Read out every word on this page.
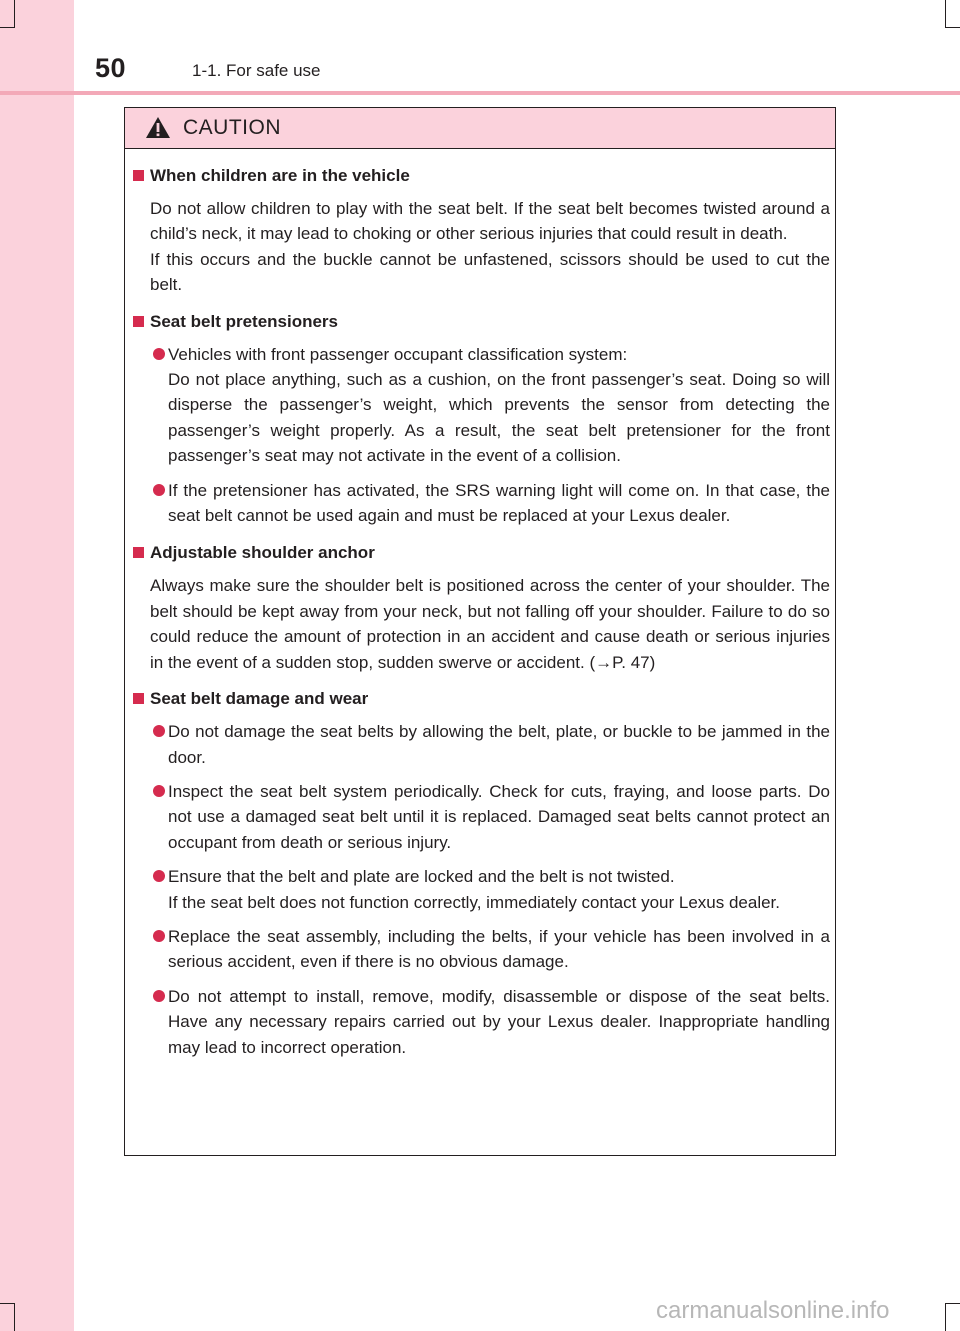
50	1-1. For safe use
CAUTION
When children are in the vehicle

Do not allow children to play with the seat belt. If the seat belt becomes twisted around a child’s neck, it may lead to choking or other serious injuries that could result in death.

If this occurs and the buckle cannot be unfastened, scissors should be used to cut the belt.

Seat belt pretensioners
Vehicles with front passenger occupant classification system:
Do not place anything, such as a cushion, on the front passenger’s seat. Doing so will disperse the passenger’s weight, which prevents the sensor from detecting the passenger’s weight properly. As a result, the seat belt pretensioner for the front passenger’s seat may not activate in the event of a collision.
If the pretensioner has activated, the SRS warning light will come on. In that case, the seat belt cannot be used again and must be replaced at your Lexus dealer.
Adjustable shoulder anchor

Always make sure the shoulder belt is positioned across the center of your shoulder. The belt should be kept away from your neck, but not falling off your shoulder. Failure to do so could reduce the amount of protection in an accident and cause death or serious injuries in the event of a sudden stop, sudden swerve or accident. (→P. 47)

Seat belt damage and wear
Do not damage the seat belts by allowing the belt, plate, or buckle to be jammed in the door.
Inspect the seat belt system periodically. Check for cuts, fraying, and loose parts. Do not use a damaged seat belt until it is replaced. Damaged seat belts cannot protect an occupant from death or serious injury.
Ensure that the belt and plate are locked and the belt is not twisted.
If the seat belt does not function correctly, immediately contact your Lexus dealer.
Replace the seat assembly, including the belts, if your vehicle has been involved in a serious accident, even if there is no obvious damage.
Do not attempt to install, remove, modify, disassemble or dispose of the seat belts. Have any necessary repairs carried out by your Lexus dealer. Inappropriate handling may lead to incorrect operation.
carmanualsonline.info
